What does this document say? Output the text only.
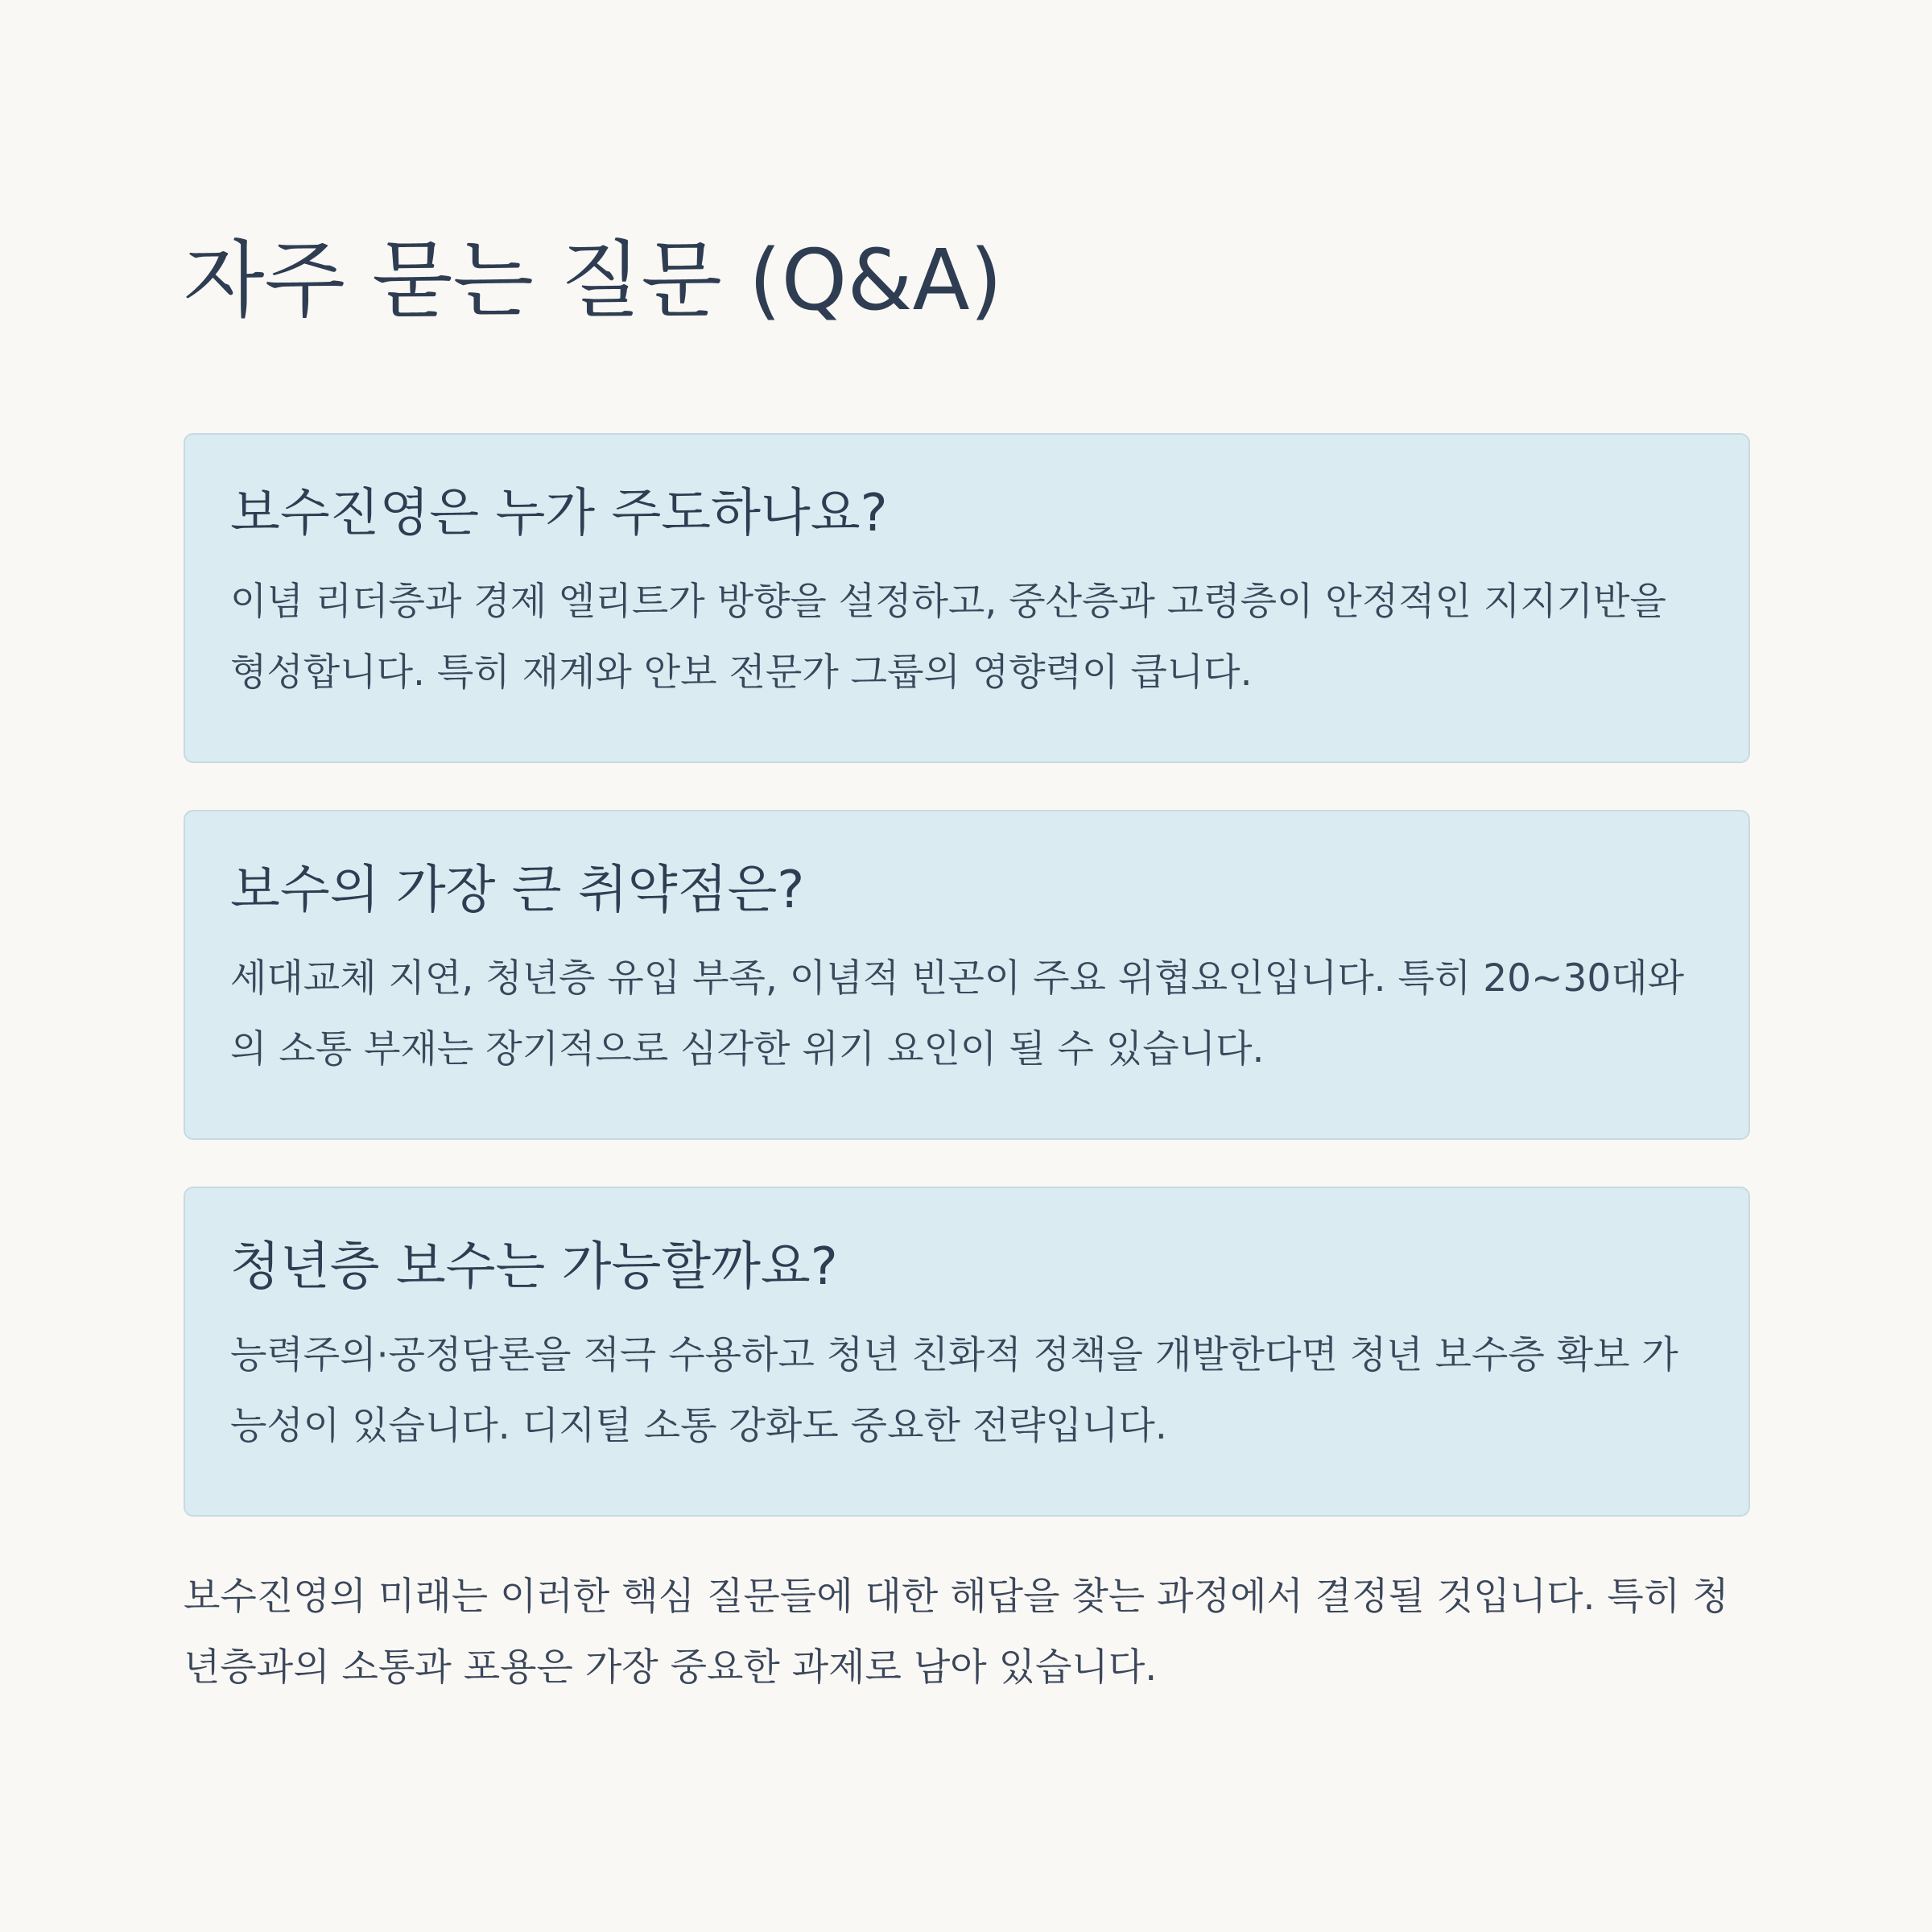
자주 묻는 질문 (Q&A)
보수진영은 누가 주도하나요?

이념 리더층과 경제 엘리트가 방향을 설정하고, 중산층과 고령층이 안정적인 지지기반을 형성합니다. 특히 재계와 안보 전문가 그룹의 영향력이 큽니다.

보수의 가장 큰 취약점은?

세대교체 지연, 청년층 유입 부족, 이념적 빈곤이 주요 위협요인입니다. 특히 20~30대와의 소통 부재는 장기적으로 심각한 위기 요인이 될 수 있습니다.

청년층 보수는 가능할까요?

능력주의·공정담론을 적극 수용하고 청년 친화적 정책을 개발한다면 청년 보수층 확보 가능성이 있습니다. 디지털 소통 강화도 중요한 전략입니다.

보수진영의 미래는 이러한 핵심 질문들에 대한 해답을 찾는 과정에서 결정될 것입니다. 특히 청년층과의 소통과 포용은 가장 중요한 과제로 남아 있습니다.
